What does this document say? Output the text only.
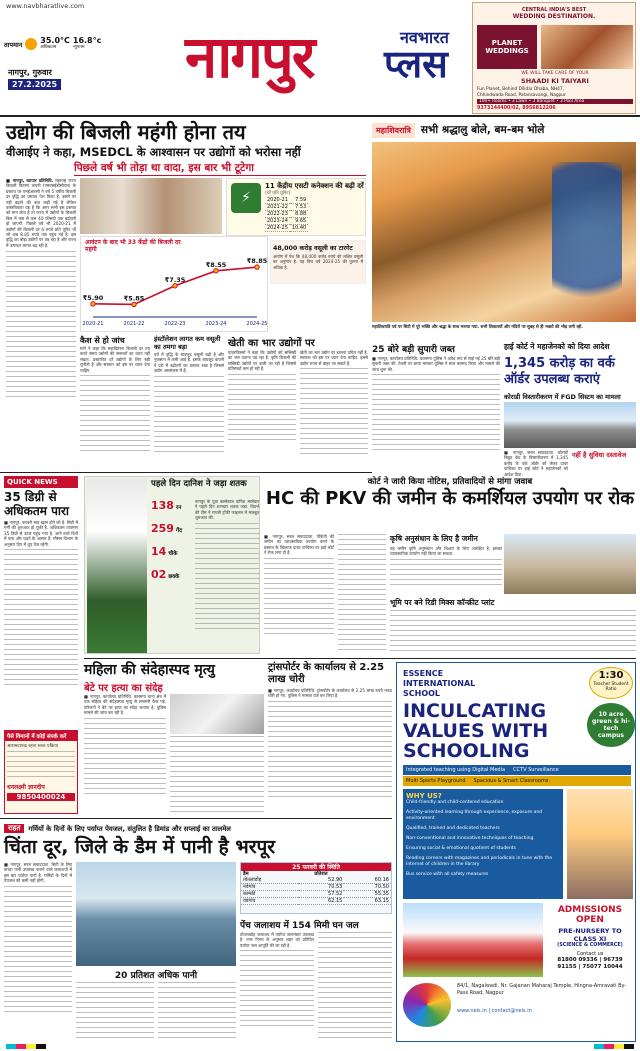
www.navbharatlive.com
तापमान 35.0°C
अधिकतम
16.8°c
न्यूनतम
नागपुर, गुरुवार
27.2.2025 नागपुर	नवभारत
प्लस
CENTRAL INDIA'S BEST
WEDDING DESTINATION.
PLANET WEDDINGS
WE WILL TAKE CARE OF YOUR
SHAADI KI TAIYARI
Fun Planet, Behind Dilidar Dhaba, NH47,
Chhindwada Road, Patansavangi, Nagpur
100+ Rooms • 3 Lawn • 3 Banquet • 3 Pool Area
9373144400/02, 8956812206
उद्योग की बिजली महंगी होना तय
वीआईए ने कहा, MSEDCL के आश्वासन पर उद्योगों को भरोसा नहीं
पिछले वर्ष भी तोड़ा था वादा, इस बार भी टूटेगा
■ नागपुर, व्यापार प्रतिनिधि. महाराष्ट्र राज्य बिजली वितरण कंपनी (एमएसईडीसीएल) के प्रस्ताव पर एमईआरसी ने वर्ष 5 वर्षीय बिजली दर वृद्धि का प्रस्ताव पेश किया है. इसमें पर नहीं बढ़ाने की बात कही गई है लेकिन वास्तविकता यह है कि अगर सभी इस प्रस्ताव को मान लेता है तो राज्य में उद्योगों के बिजली बिल में कम से कम 40 फीसदी तक बढ़ोतरी हो जाएगी. पिछले वर्ष भी 2020-21 में उद्योगों की बिजली दर 6 रुपये प्रति यूनिट थी जो अब 8.85 रुपये तक पहुंच गई है. इस वृद्धि का बोझ उद्योगों पर पड़ रहा है और राज्य में उत्पादन लागत बढ़ रही है.
⚡
11 केंद्रीय एसटी कनेक्शन की बढ़ी दरें
(दरें प्रति यूनिट)
2020-21	7.59
2021-22	7.53
2022-23	8.88
2023-24	9.65
2024-25	10.40
आवंटन के बाद भी 33 केंद्रों की बिजली दर महंगी
₹5.90
2020-21
₹5.85
2021-22
₹7.35
2022-23
₹8.55
2023-24
₹8.85
2024-25
48,000 करोड़ वसूली का टारगेट
आयोग में पेश कि 48,000 करोड़ रुपये की लक्षित वसूली का अनुमान है. यह वित्त वर्ष 2024-25 की तुलना में अधिक है.
कैश से हो जांच
मांगे ने कहा कि महावितरण बिजली दर तय करते समय उद्योगों की जरूरतों का ध्यान नहीं रखता. प्रस्तावित दरें उद्योगों के लिए बड़ी चुनौती हैं और सरकार को इस पर ध्यान देना चाहिए.
इंस्टॉलेशन लागत कम वसूली का तमगा बड़ा
दरों में वृद्धि के बावजूद वसूली बढ़ी है और नुकसान में कमी आई है. इसके बावजूद कंपनी ने दरों में बढ़ोतरी का प्रस्ताव रखा है जिससे उद्योग असमंजस में हैं.
खेती का भार उद्योगों पर
पावरफिसरों ने कहा कि उद्योगों को सब्सिडी का भार उठाना पड़ रहा है. कृषि बिजली की सब्सिडी उद्योगों पर डाली जा रही है जिससे प्रतिस्पर्धा कम हो रही है.
खेती का भार उद्योग पर डालना उचित नहीं है. सरकार को इस पर ध्यान देना चाहिए. इससे उद्योग राज्य से बाहर जा सकते हैं.
महाशिवरात्रि सभी श्रद्धालु बोले, बम-बम भोले
महाशिवरात्रि पर्व पर सिटी में पूरे भक्ति और श्रद्धा के साथ मनाया गया. सभी शिवालयों और मंदिरों पर सुबह से ही भक्तों की भीड़ लगी रही.
25 बोरे बड़ी सुपारी जब्त
■ नागपुर, कार्यालय प्रतिनिधि. कलमना पुलिस ने अवैध रूप से लाई गई 25 बोरे बड़ी सुपारी जब्त की. टेकरी पर छापा मारकर पुलिस ने माल बरामद किया और मामले की जांच शुरू की.
हाई कोर्ट ने महाजेनको को दिया आदेश
1,345 करोड़ का वर्क ऑर्डर उपलब्ध कराएं
कोराडी विस्तारीकरण में FGD सिस्टम का मामला
■ नागपुर, सरल सवाददाता. कोराडी विद्युत केंद्र के विस्तारीकरण में 1,345 करोड़ के वर्क ऑर्डर को लेकर दायर याचिका पर हाई कोर्ट ने महाजेनको को आदेश दिया.
नहीं है सुविधा दस्तावेज
QUICK NEWS
35 डिग्री से अधिकतम पारा
■ नागपुर. फरवरी माह खत्म होने को है. सिटी में गर्मी की शुरुआत हो चुकी है. अधिकतम तापमान 35 डिग्री से ऊपर पहुंच गया है. आने वाले दिनों में पारा और चढ़ने के आसार हैं. मौसम विभाग के अनुसार दिन में धूप तेज रहेगी.
पैसे विमानों में कोई संपर्क करें
आरामदायक रहना सरल प्रक्रिया
धनलक्ष्मी ज्ञानदीप
9850400024
पहले दिन दानिश ने जड़ा शतक
138 रन
259 गेंद
14 चौके
02 छक्के
नागपुर के युवा बल्लेबाज दानिश मालेवार ने पहले दिन शानदार शतक जड़ा. विदर्भ की टीम ने रणजी ट्रॉफी फाइनल में मजबूत शुरुआत की.
कोर्ट ने जारी किया नोटिस, प्रतिवादियों से मांगा जवाब
HC की PKV की जमीन के कमर्शियल उपयोग पर रोक
■ नागपुर, सरल सवाददाता. पीकेवी की जमीन का व्यावसायिक उपयोग करने के प्रस्ताव के खिलाफ दायर याचिका पर हाई कोर्ट ने रोक लगा दी है.
कृषि अनुसंधान के लिए है जमीन
यह जमीन कृषि अनुसंधान और शिक्षण के लिए आरक्षित है. इसका व्यावसायिक उपयोग नहीं किया जा सकता.
भूमि पर बने रिडी मिक्स कॉन्क्रीट प्लांट
महिला की संदेहास्पद मृत्यु
बेटे पर हत्या का संदेह
■ नागपुर, कार्यालय प्रतिनिधि. कलमना थाना क्षेत्र में एक महिला की संदेहास्पद मृत्यु से सनसनी फैल गई. परिजनों ने बेटे पर हत्या का संदेह जताया है. पुलिस मामले की जांच कर रही है.
ट्रांसपोर्टर के कार्यालय से 2.25 लाख चोरी
■ नागपुर, कार्यालय प्रतिनिधि. ट्रांसपोर्टर के कार्यालय से 2.25 लाख रुपये नकद चोरी हो गए. पुलिस ने मामला दर्ज कर लिया है.
ESSENCE
INTERNATIONAL
SCHOOL
1:30
Teacher Student Ratio
10 acre green & hi-tech campus
INCULCATING
VALUES WITH
SCHOOLING
Integrated teaching using Digital Media CCTV Surveillance
Multi Sports Playground Spacious & Smart Classrooms
WHY US?
Child-friendly and child-centered education
Activity-oriented learning through experience, exposure and environment
Qualified, trained and dedicated teachers
Non-conventional and innovative techniques of teaching
Ensuring social & emotional quotient of students
Reading corners with magazines and periodicals in tune with the Internet of children in the library
Bus service with all safety measures
ADMISSIONS OPEN
PRE-NURSERY TO CLASS XI
(SCIENCE & COMMERCE)
Contact us
81800 09336 | 96739 91155 | 75077 10044
84/1, Nagalwadi, Nr. Gajanan Maharaj Temple, Hingna-Amravati By-Pass Road, Nagpur
www.neis.in | contact@neis.in
राहत	गर्मियों के दिनों के लिए पर्याप्त पेयजल, संतुलित है डिमांड और सप्लाई का तालमेल
चिंता दूर, जिले के डैम में पानी है भरपूर
■ नागपुर, सरल सवाददाता. सिटी के लिए कच्चा पानी उपलब्ध कराने वाले जलाशयों में इस बार पर्याप्त पानी है. गर्मियों के दिनों में पेयजल की कमी नहीं होगी.
20 प्रतिशत अधिक पानी
25 फरवरी की स्थिति
डैम	प्रतिशत	
तोतलाडोह	52.90	60.16
नवेगांव	70.53	70.50
कामठी	57.52	55.35
वडगांव	62.15	63.15
पेंच जलाशय में 154 मिमी घन जल
तोतलाडोह जलाशय में पर्याप्त जलभंडार उपलब्ध है. नगर निगम के अनुसार शहर को प्रतिदिन पर्याप्त जल आपूर्ति की जा रही है.
